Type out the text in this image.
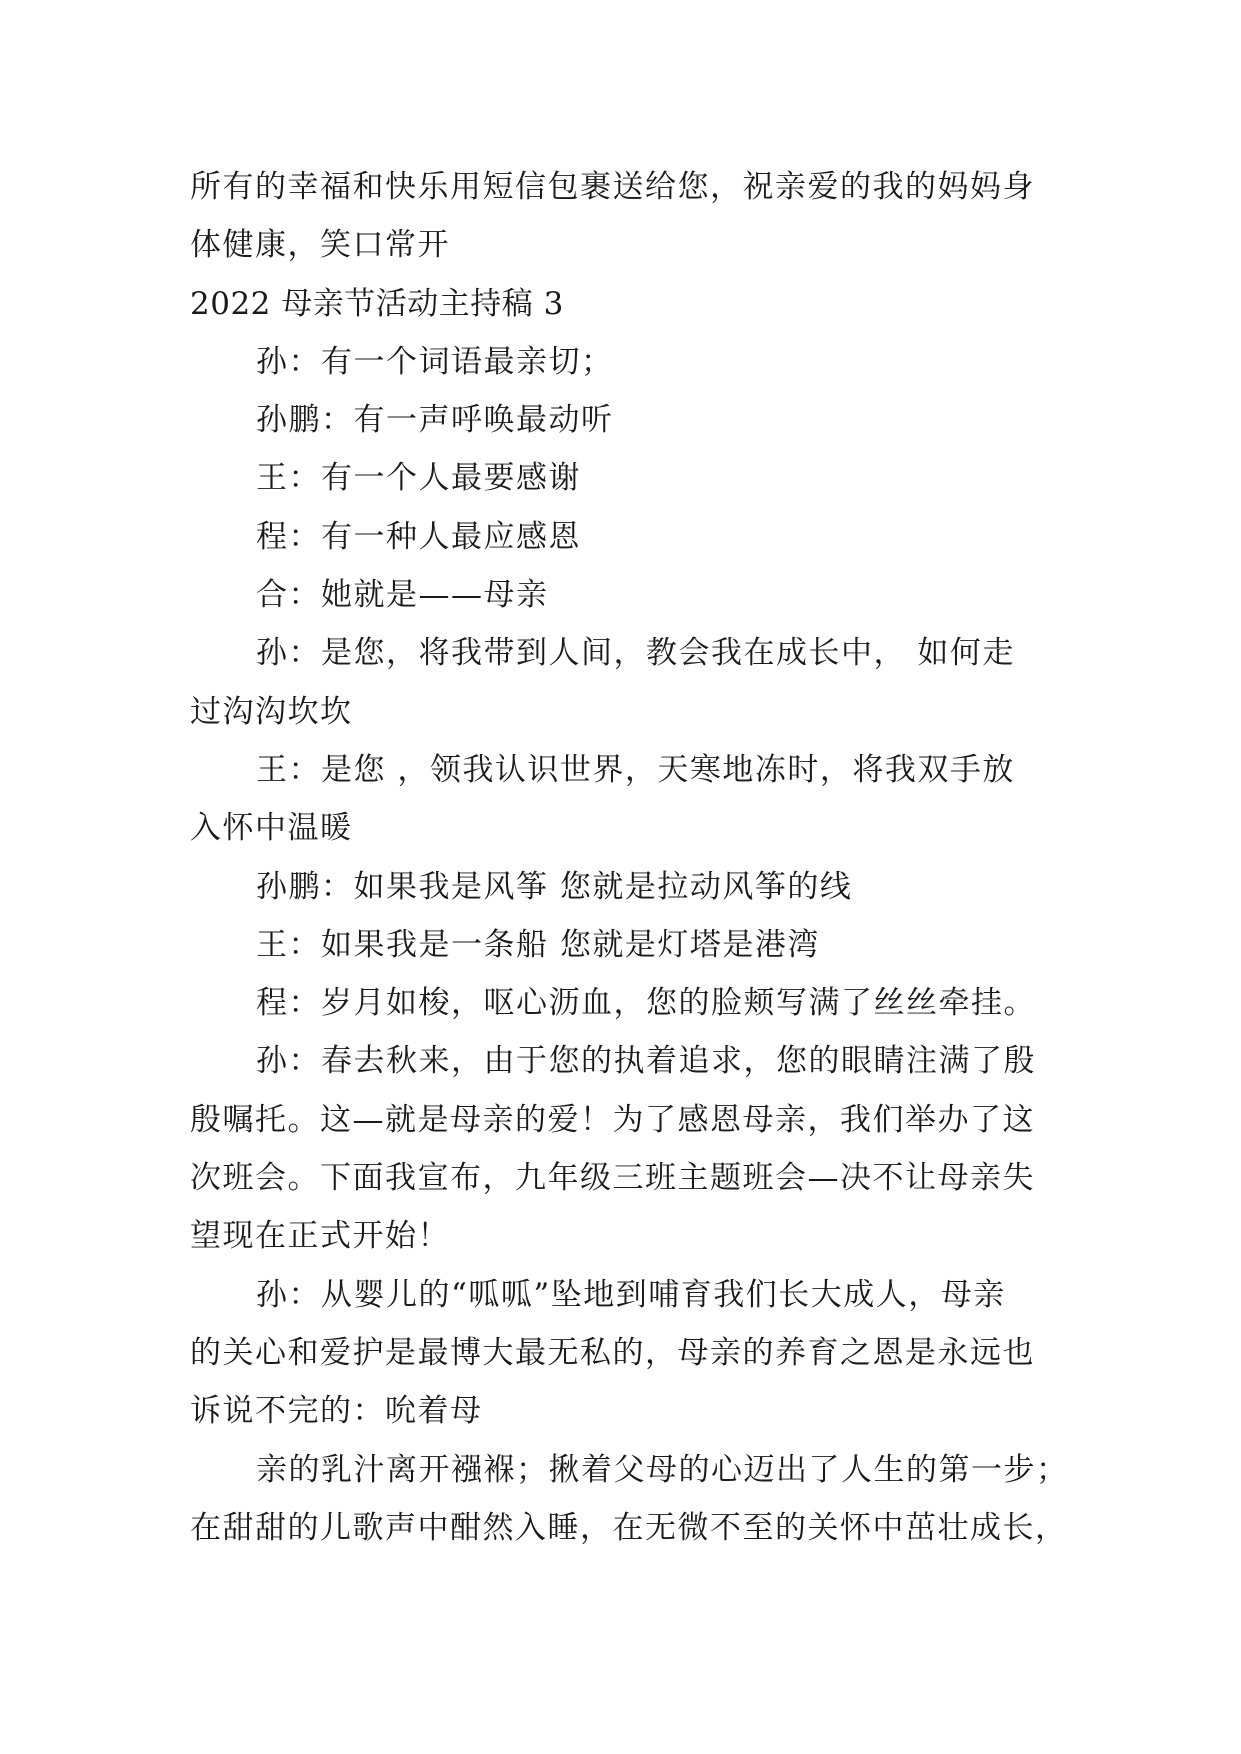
所有的幸福和快乐用短信包裹送给您，祝亲爱的我的妈妈身
体健康，笑口常开
2022 母亲节活动主持稿 3
孙：有一个词语最亲切；
孙鹏：有一声呼唤最动听
王：有一个人最要感谢
程：有一种人最应感恩
合：她就是——母亲
孙：是您，将我带到人间，教会我在成长中， 如何走
过沟沟坎坎
王：是您 ，领我认识世界，天寒地冻时，将我双手放
入怀中温暖
孙鹏：如果我是风筝 您就是拉动风筝的线
王：如果我是一条船 您就是灯塔是港湾
程：岁月如梭，呕心沥血，您的脸颊写满了丝丝牵挂。
孙：春去秋来，由于您的执着追求，您的眼睛注满了殷
殷嘱托。这—就是母亲的爱！为了感恩母亲，我们举办了这
次班会。下面我宣布，九年级三班主题班会—决不让母亲失
望现在正式开始！
孙：从婴儿的“呱呱”坠地到哺育我们长大成人，母亲
的关心和爱护是最博大最无私的，母亲的养育之恩是永远也
诉说不完的：吮着母
亲的乳汁离开襁褓；揪着父母的心迈出了人生的第一步；
在甜甜的儿歌声中酣然入睡，在无微不至的关怀中茁壮成长，
